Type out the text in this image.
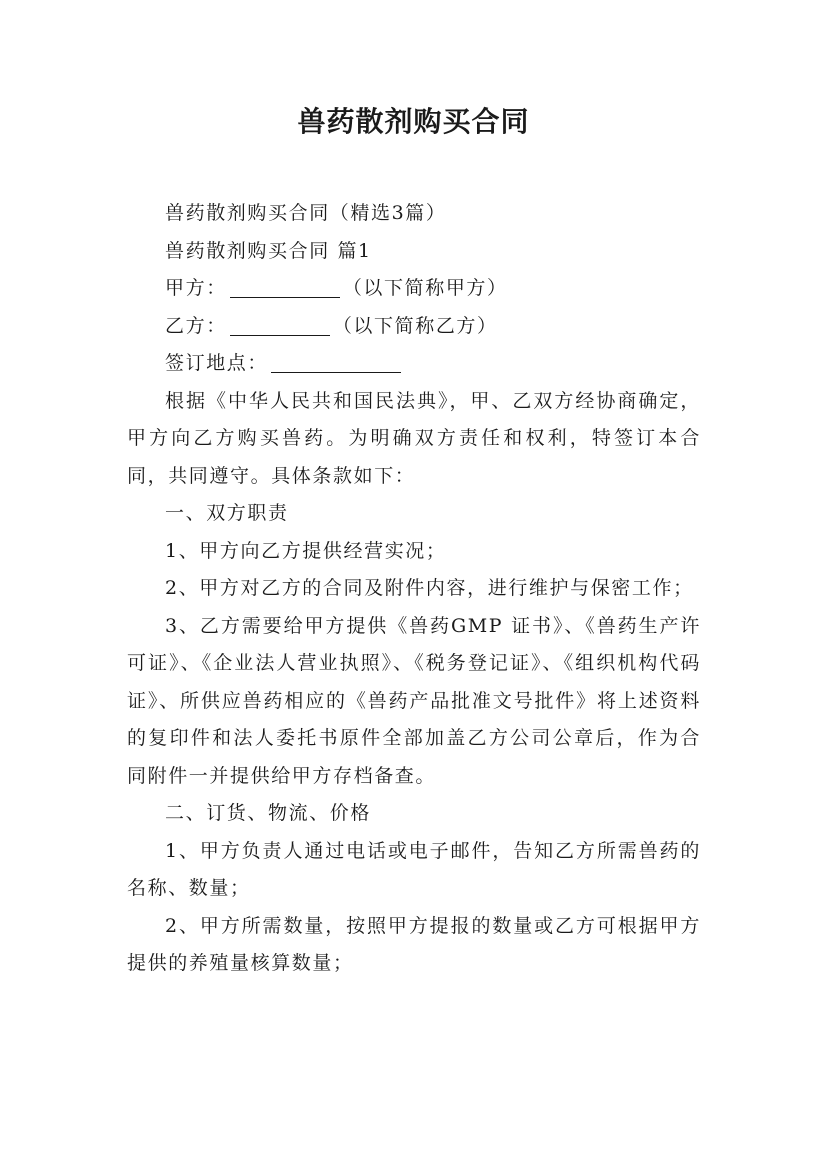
兽药散剂购买合同

兽药散剂购买合同（精选3篇）

兽药散剂购买合同 篇1

甲方：	（以下简称甲方）

乙方：	（以下简称乙方）

签订地点：

根据《中华人民共和国民法典》，甲、乙双方经协商确定，甲方向乙方购买兽药。为明确双方责任和权利，特签订本合同，共同遵守。具体条款如下：

一、双方职责

1、甲方向乙方提供经营实况；

2、甲方对乙方的合同及附件内容，进行维护与保密工作；

3、乙方需要给甲方提供《兽药GMP 证书》、《兽药生产许可证》、《企业法人营业执照》、《税务登记证》、《组织机构代码证》、所供应兽药相应的《兽药产品批准文号批件》将上述资料的复印件和法人委托书原件全部加盖乙方公司公章后，作为合同附件一并提供给甲方存档备查。

二、订货、物流、价格

1、甲方负责人通过电话或电子邮件，告知乙方所需兽药的名称、数量；

2、甲方所需数量，按照甲方提报的数量或乙方可根据甲方提供的养殖量核算数量；
